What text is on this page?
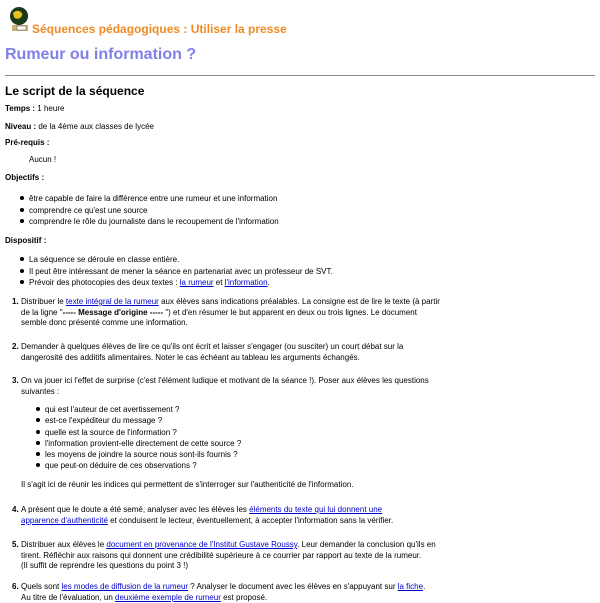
Séquences pédagogiques : Utiliser la presse
Rumeur ou information ?
Le script de la séquence
Temps : 1 heure
Niveau : de la 4ème aux classes de lycée
Pré-requis :
Aucun !
Objectifs :
être capable de faire la différence entre une rumeur et une information
comprendre ce qu'est une source
comprendre le rôle du journaliste dans le recoupement de l'information
Dispositif :
La séquence se déroule en classe entière.
Il peut être intéressant de mener la séance en partenariat avec un professeur de SVT.
Prévoir des photocopies des deux textes : la rumeur et l'information.
1. Distribuer le texte intégral de la rumeur aux élèves sans indications préalables. La consigne est de lire le texte (à partir de la ligne "----- Message d'origine ----- ") et d'en résumer le but apparent en deux ou trois lignes. Le document semble donc présenté comme une information.
2. Demander à quelques élèves de lire ce qu'ils ont écrit et laisser s'engager (ou susciter) un court débat sur la dangerosité des additifs alimentaires. Noter le cas échéant au tableau les arguments échangés.
3. On va jouer ici l'effet de surprise (c'est l'élément ludique et motivant de la séance !). Poser aux élèves les questions suivantes :
qui est l'auteur de cet avertissement ?
est-ce l'expéditeur du message ?
quelle est la source de l'information ?
l'information provient-elle directement de cette source ?
les moyens de joindre la source nous sont-ils fournis ?
que peut-on déduire de ces observations ?
Il s'agit ici de réunir les indices qui permettent de s'interroger sur l'authenticité de l'information.
4. A présent que le doute a été semé, analyser avec les élèves les éléments du texte qui lui donnent une apparence d'authenticité et conduisent le lecteur, éventuellement, à accepter l'information sans la vérifier.
5. Distribuer aux élèves le document en provenance de l'Institut Gustave Roussy. Leur demander la conclusion qu'ils en tirent. Réfléchir aux raisons qui donnent une crédibilité supérieure à ce courrier par rapport au texte de la rumeur.
(Il suffit de reprendre les questions du point 3 !)
6. Quels sont les modes de diffusion de la rumeur ? Analyser le document avec les élèves en s'appuyant sur la fiche.
Au titre de l'évaluation, un deuxième exemple de rumeur est proposé.
